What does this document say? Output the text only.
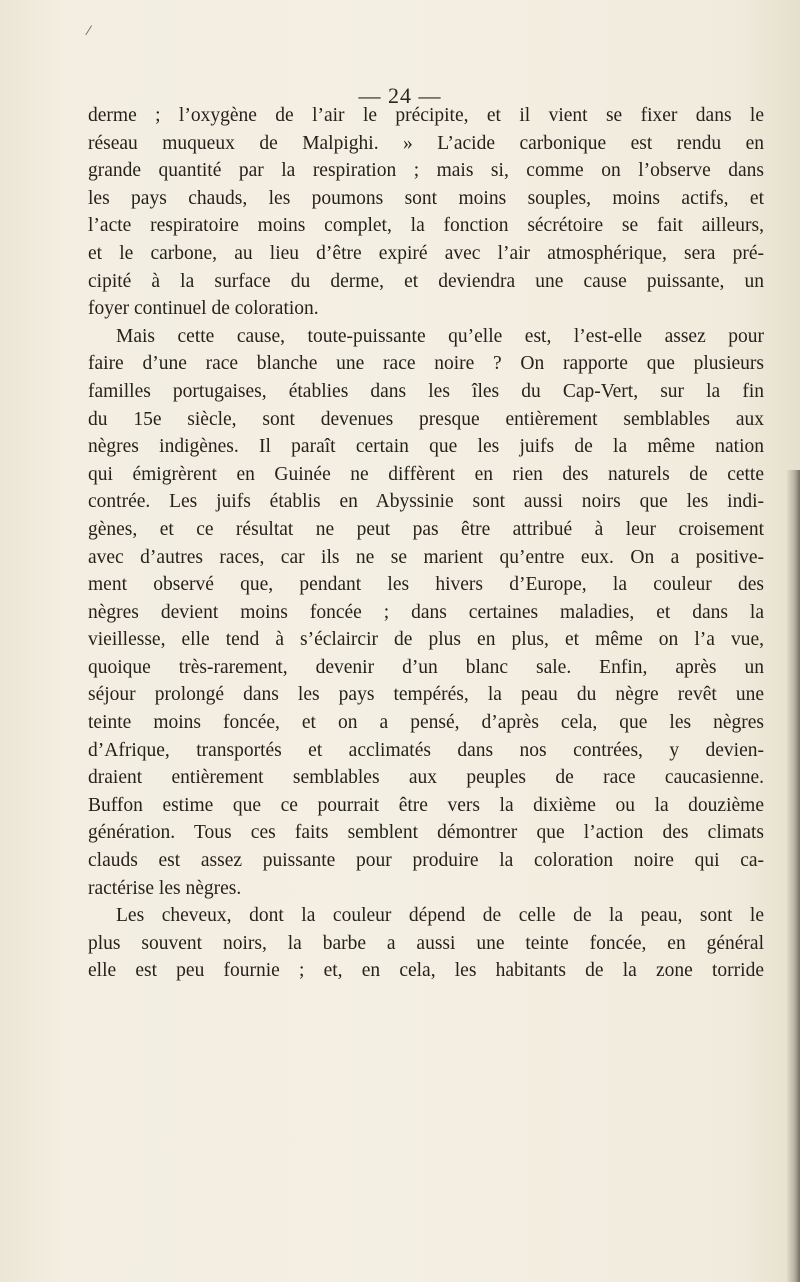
⁄
— 24 —
derme ; l’oxygène de l’air le précipite, et il vient se fixer dans le
réseau muqueux de Malpighi. » L’acide carbonique est rendu en
grande quantité par la respiration ; mais si, comme on l’observe dans
les pays chauds, les poumons sont moins souples, moins actifs, et
l’acte respiratoire moins complet, la fonction sécrétoire se fait ailleurs,
et le carbone, au lieu d’être expiré avec l’air atmosphérique, sera pré-
cipité à la surface du derme, et deviendra une cause puissante, un
foyer continuel de coloration.
Mais cette cause, toute-puissante qu’elle est, l’est-elle assez pour
faire d’une race blanche une race noire ? On rapporte que plusieurs
familles portugaises, établies dans les îles du Cap-Vert, sur la fin
du 15e siècle, sont devenues presque entièrement semblables aux
nègres indigènes. Il paraît certain que les juifs de la même nation
qui émigrèrent en Guinée ne diffèrent en rien des naturels de cette
contrée. Les juifs établis en Abyssinie sont aussi noirs que les indi-
gènes, et ce résultat ne peut pas être attribué à leur croisement
avec d’autres races, car ils ne se marient qu’entre eux. On a positive-
ment observé que, pendant les hivers d’Europe, la couleur des
nègres devient moins foncée ; dans certaines maladies, et dans la
vieillesse, elle tend à s’éclaircir de plus en plus, et même on l’a vue,
quoique très-rarement, devenir d’un blanc sale. Enfin, après un
séjour prolongé dans les pays tempérés, la peau du nègre revêt une
teinte moins foncée, et on a pensé, d’après cela, que les nègres
d’Afrique, transportés et acclimatés dans nos contrées, y devien-
draient entièrement semblables aux peuples de race caucasienne.
Buffon estime que ce pourrait être vers la dixième ou la douzième
génération. Tous ces faits semblent démontrer que l’action des climats
clauds est assez puissante pour produire la coloration noire qui ca-
ractérise les nègres.
Les cheveux, dont la couleur dépend de celle de la peau, sont le
plus souvent noirs, la barbe a aussi une teinte foncée, en général
elle est peu fournie ; et, en cela, les habitants de la zone torride
